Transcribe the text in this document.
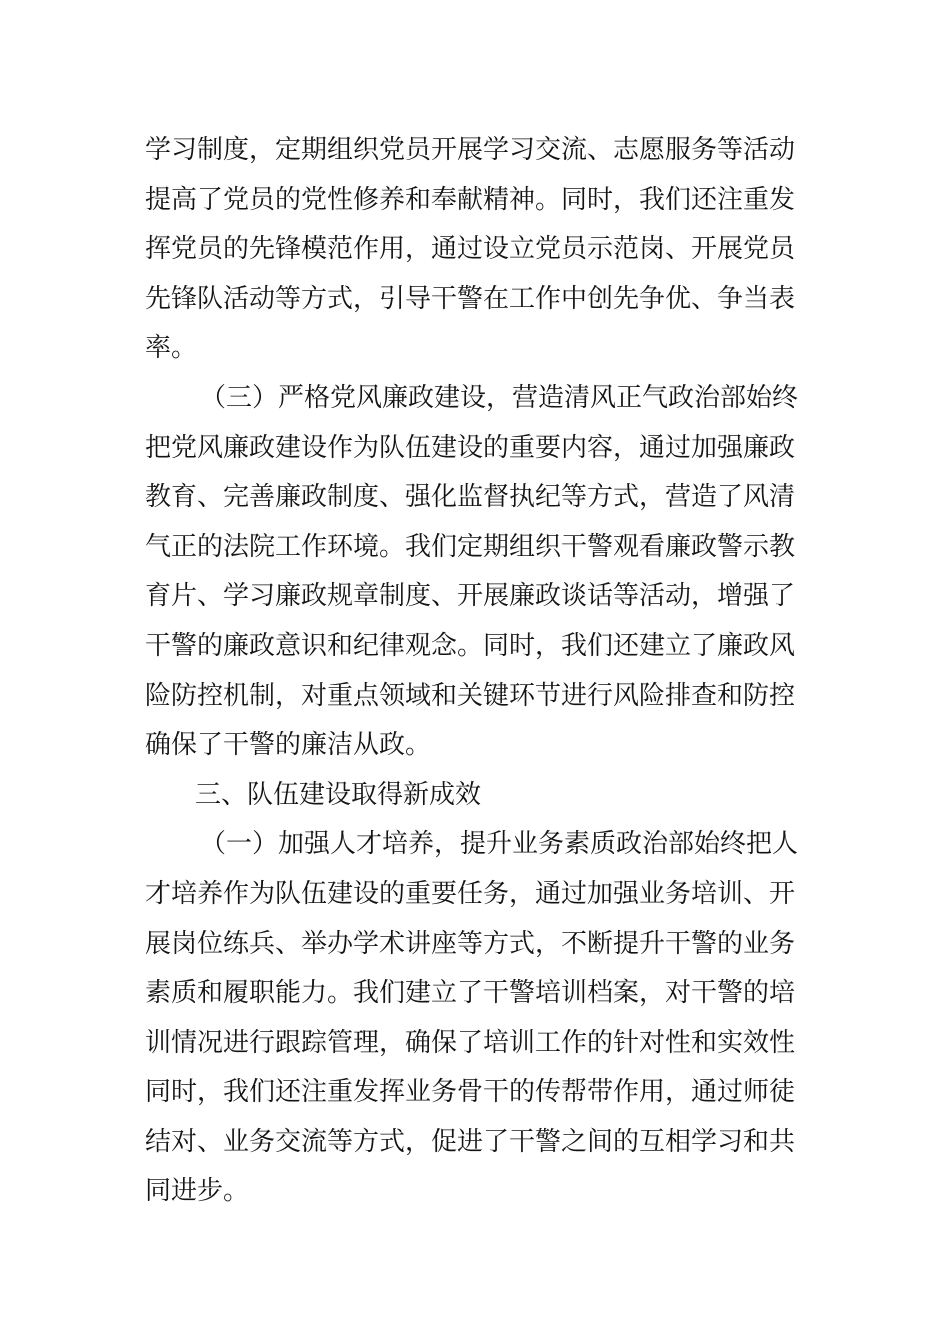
学习制度，定期组织党员开展学习交流、志愿服务等活动
提高了党员的党性修养和奉献精神。同时，我们还注重发
挥党员的先锋模范作用，通过设立党员示范岗、开展党员
先锋队活动等方式，引导干警在工作中创先争优、争当表
率。
（三）严格党风廉政建设，营造清风正气政治部始终
把党风廉政建设作为队伍建设的重要内容，通过加强廉政
教育、完善廉政制度、强化监督执纪等方式，营造了风清
气正的法院工作环境。我们定期组织干警观看廉政警示教
育片、学习廉政规章制度、开展廉政谈话等活动，增强了
干警的廉政意识和纪律观念。同时，我们还建立了廉政风
险防控机制，对重点领域和关键环节进行风险排查和防控
确保了干警的廉洁从政。
三、队伍建设取得新成效
（一）加强人才培养，提升业务素质政治部始终把人
才培养作为队伍建设的重要任务，通过加强业务培训、开
展岗位练兵、举办学术讲座等方式，不断提升干警的业务
素质和履职能力。我们建立了干警培训档案，对干警的培
训情况进行跟踪管理，确保了培训工作的针对性和实效性
同时，我们还注重发挥业务骨干的传帮带作用，通过师徒
结对、业务交流等方式，促进了干警之间的互相学习和共
同进步。
